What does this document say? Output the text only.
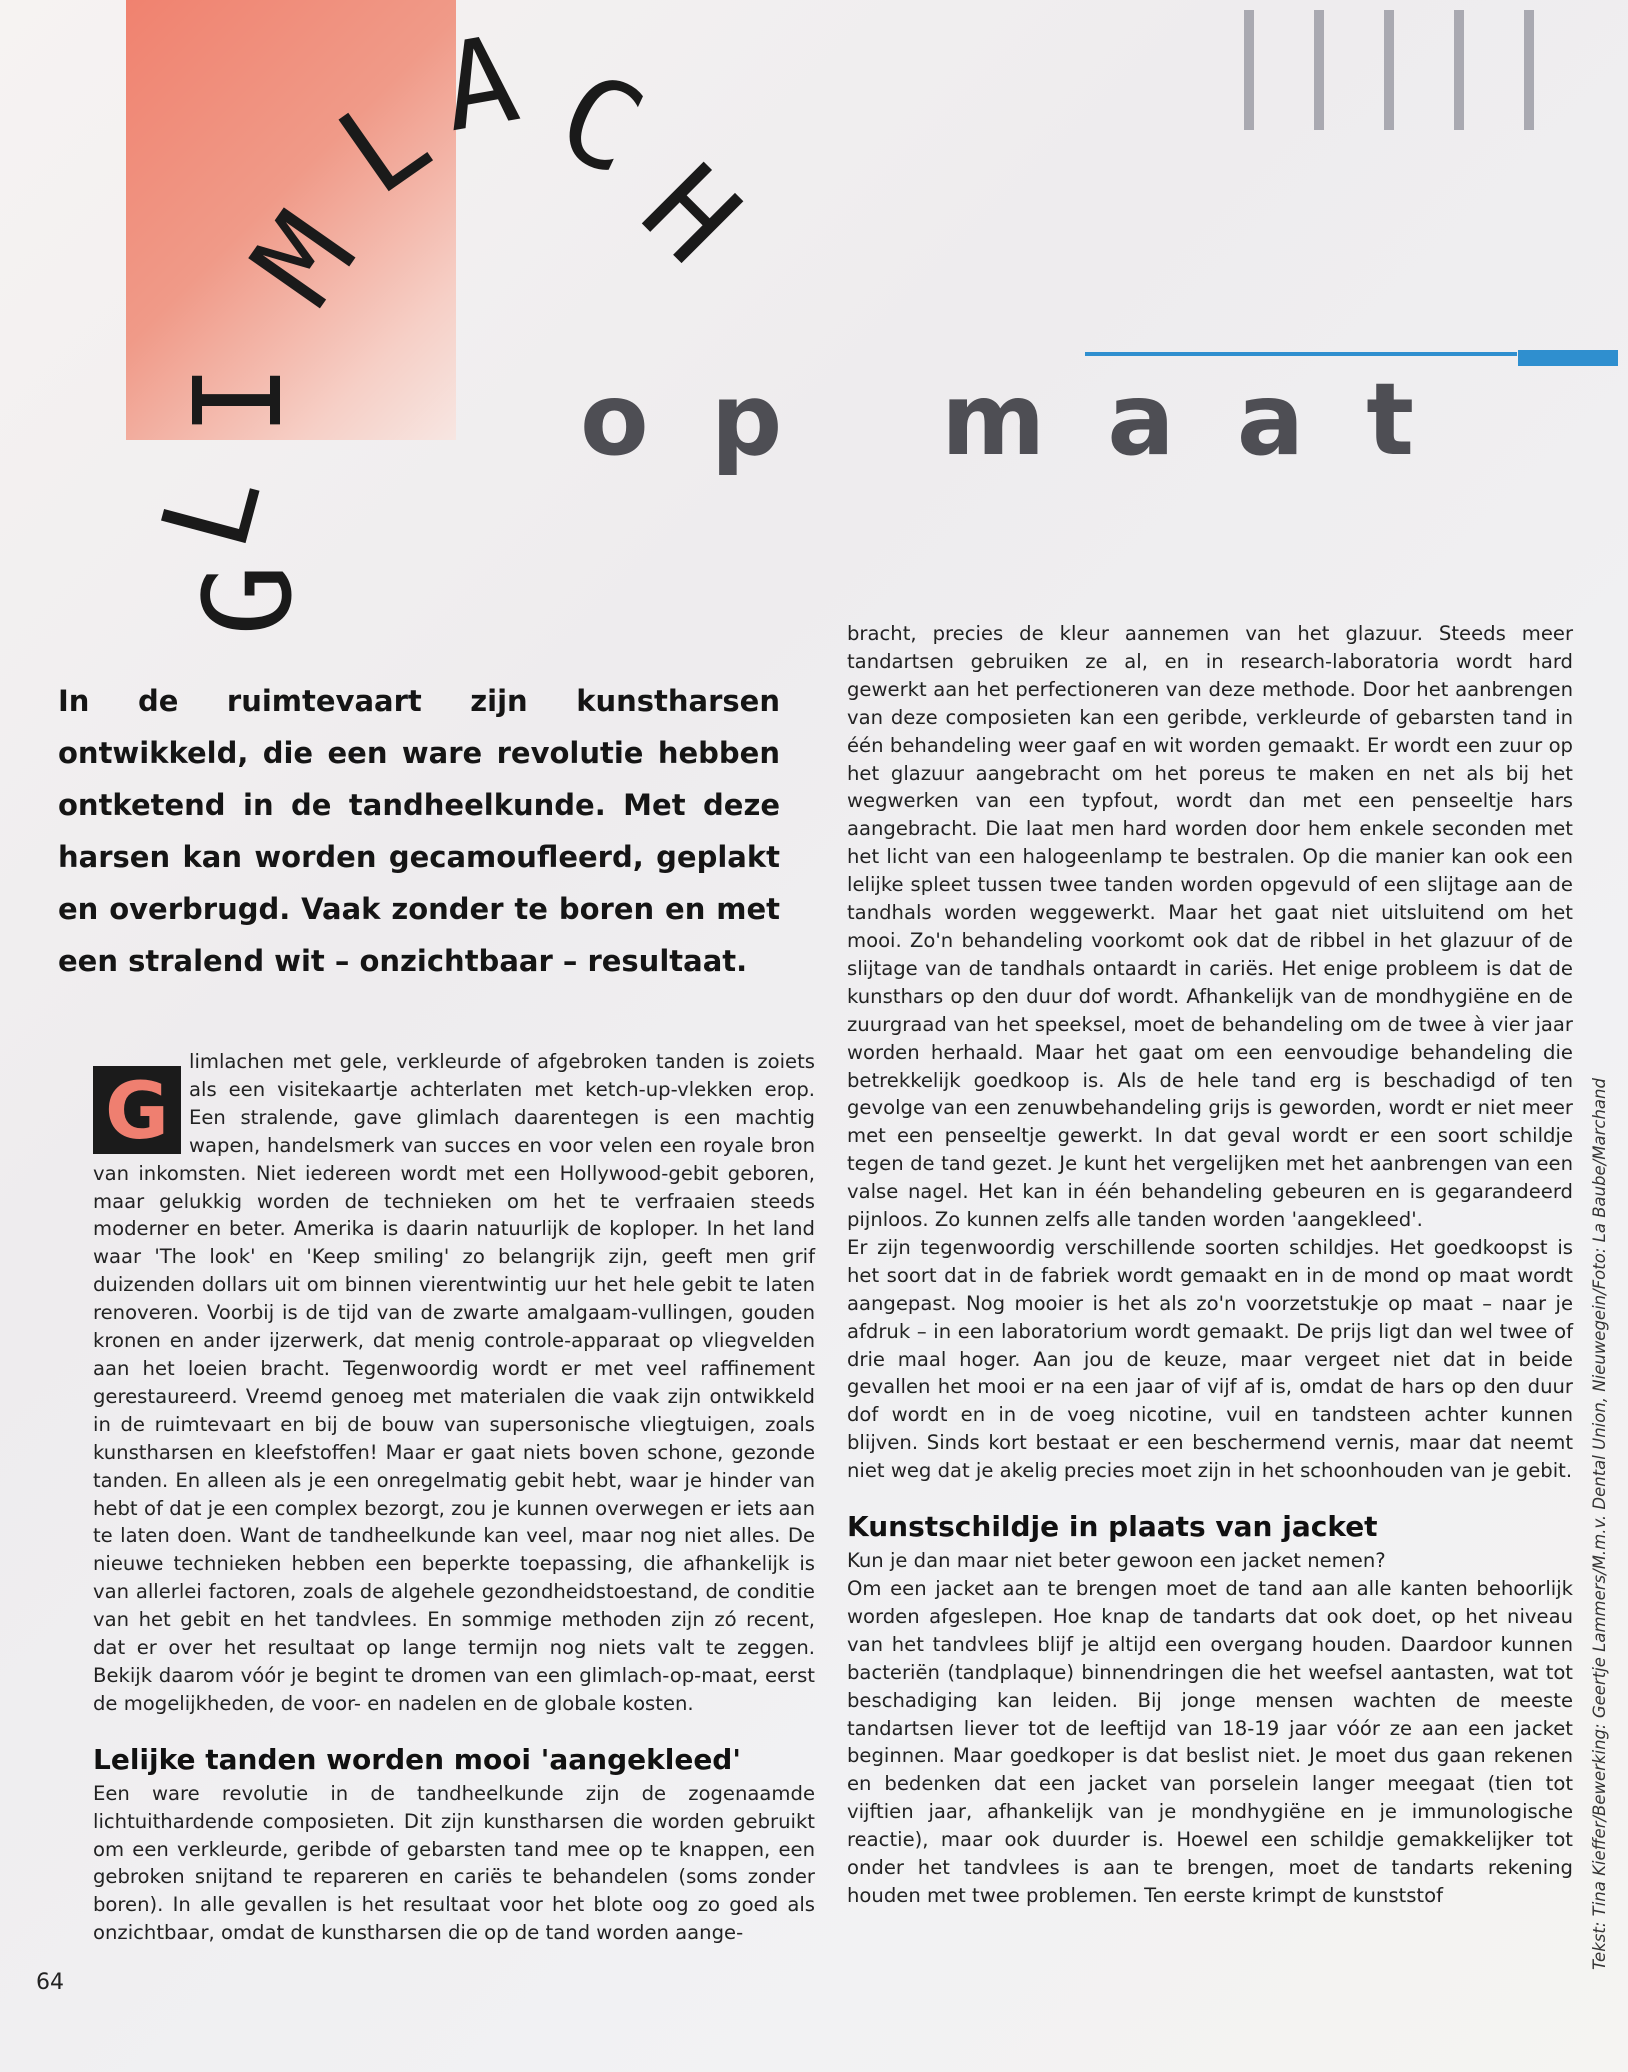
G
L
I
M
L
A C
H
op maat

In de ruimtevaart zijn kunstharsen ontwikkeld, die een ware revolutie hebben ontketend in de tandheelkunde. Met deze harsen kan worden gecamoufleerd, geplakt en overbrugd. Vaak zonder te boren en met een stralend wit – onzichtbaar – resultaat.

G
limlachen met gele, verkleurde of afgebroken tanden is zoiets als een visitekaartje achterlaten met ketch-up-vlekken erop. Een stralende, gave glimlach daarentegen is een machtig wapen, handelsmerk van succes en voor velen een royale bron van inkomsten. Niet iedereen wordt met een Hollywood-gebit geboren, maar gelukkig worden de technieken om het te verfraaien steeds moderner en beter. Amerika is daarin natuurlijk de koploper. In het land waar 'The look' en 'Keep smiling' zo belangrijk zijn, geeft men grif duizenden dollars uit om binnen vierentwintig uur het hele gebit te laten renoveren. Voorbij is de tijd van de zwarte amalgaam-vullingen, gouden kronen en ander ijzerwerk, dat menig controle-apparaat op vliegvelden aan het loeien bracht. Tegenwoordig wordt er met veel raffinement gerestaureerd. Vreemd genoeg met materialen die vaak zijn ontwikkeld in de ruimtevaart en bij de bouw van supersonische vliegtuigen, zoals kunstharsen en kleefstoffen! Maar er gaat niets boven schone, gezonde tanden. En alleen als je een onregelmatig gebit hebt, waar je hinder van hebt of dat je een complex bezorgt, zou je kunnen overwegen er iets aan te laten doen. Want de tandheelkunde kan veel, maar nog niet alles. De nieuwe technieken hebben een beperkte toepassing, die afhankelijk is van allerlei factoren, zoals de algehele gezondheidstoestand, de conditie van het gebit en het tandvlees. En sommige methoden zijn zó recent, dat er over het resultaat op lange termijn nog niets valt te zeggen. Bekijk daarom vóór je begint te dromen van een glimlach-op-maat, eerst de mogelijkheden, de voor- en nadelen en de globale kosten.

Lelijke tanden worden mooi 'aangekleed'

Een ware revolutie in de tandheelkunde zijn de zogenaamde lichtuithardende composieten. Dit zijn kunstharsen die worden gebruikt om een verkleurde, geribde of gebarsten tand mee op te knappen, een gebroken snijtand te repareren en cariës te behandelen (soms zonder boren). In alle gevallen is het resultaat voor het blote oog zo goed als onzichtbaar, omdat de kunstharsen die op de tand worden aange-

bracht, precies de kleur aannemen van het glazuur. Steeds meer tandartsen gebruiken ze al, en in research-laboratoria wordt hard gewerkt aan het perfectioneren van deze methode. Door het aanbrengen van deze composieten kan een geribde, verkleurde of gebarsten tand in één behandeling weer gaaf en wit worden gemaakt. Er wordt een zuur op het glazuur aangebracht om het poreus te maken en net als bij het wegwerken van een typfout, wordt dan met een penseeltje hars aangebracht. Die laat men hard worden door hem enkele seconden met het licht van een halogeenlamp te bestralen. Op die manier kan ook een lelijke spleet tussen twee tanden worden opgevuld of een slijtage aan de tandhals worden weggewerkt. Maar het gaat niet uitsluitend om het mooi. Zo'n behandeling voorkomt ook dat de ribbel in het glazuur of de slijtage van de tandhals ontaardt in cariës. Het enige probleem is dat de kunsthars op den duur dof wordt. Afhankelijk van de mondhygiëne en de zuurgraad van het speeksel, moet de behandeling om de twee à vier jaar worden herhaald. Maar het gaat om een eenvoudige behandeling die betrekkelijk goedkoop is. Als de hele tand erg is beschadigd of ten gevolge van een zenuwbehandeling grijs is geworden, wordt er niet meer met een penseeltje gewerkt. In dat geval wordt er een soort schildje tegen de tand gezet. Je kunt het vergelijken met het aanbrengen van een valse nagel. Het kan in één behandeling gebeuren en is gegarandeerd pijnloos. Zo kunnen zelfs alle tanden worden 'aangekleed'.

Er zijn tegenwoordig verschillende soorten schildjes. Het goedkoopst is het soort dat in de fabriek wordt gemaakt en in de mond op maat wordt aangepast. Nog mooier is het als zo'n voorzetstukje op maat – naar je afdruk – in een laboratorium wordt gemaakt. De prijs ligt dan wel twee of drie maal hoger. Aan jou de keuze, maar vergeet niet dat in beide gevallen het mooi er na een jaar of vijf af is, omdat de hars op den duur dof wordt en in de voeg nicotine, vuil en tandsteen achter kunnen blijven. Sinds kort bestaat er een beschermend vernis, maar dat neemt niet weg dat je akelig precies moet zijn in het schoonhouden van je gebit.

Kunstschildje in plaats van jacket

Kun je dan maar niet beter gewoon een jacket nemen?

Om een jacket aan te brengen moet de tand aan alle kanten behoorlijk worden afgeslepen. Hoe knap de tandarts dat ook doet, op het niveau van het tandvlees blijf je altijd een overgang houden. Daardoor kunnen bacteriën (tandplaque) binnendringen die het weefsel aantasten, wat tot beschadiging kan leiden. Bij jonge mensen wachten de meeste tandartsen liever tot de leeftijd van 18-19 jaar vóór ze aan een jacket beginnen. Maar goedkoper is dat beslist niet. Je moet dus gaan rekenen en bedenken dat een jacket van porselein langer meegaat (tien tot vijftien jaar, afhankelijk van je mondhygiëne en je immunologische reactie), maar ook duurder is. Hoewel een schildje gemakkelijker tot onder het tandvlees is aan te brengen, moet de tandarts rekening houden met twee problemen. Ten eerste krimpt de kunststof

64
Tekst: Tina Kieffer/Bewerking: Geertje Lammers/M.m.v. Dental Union, Nieuwegein/Foto: La Baube/Marchand
